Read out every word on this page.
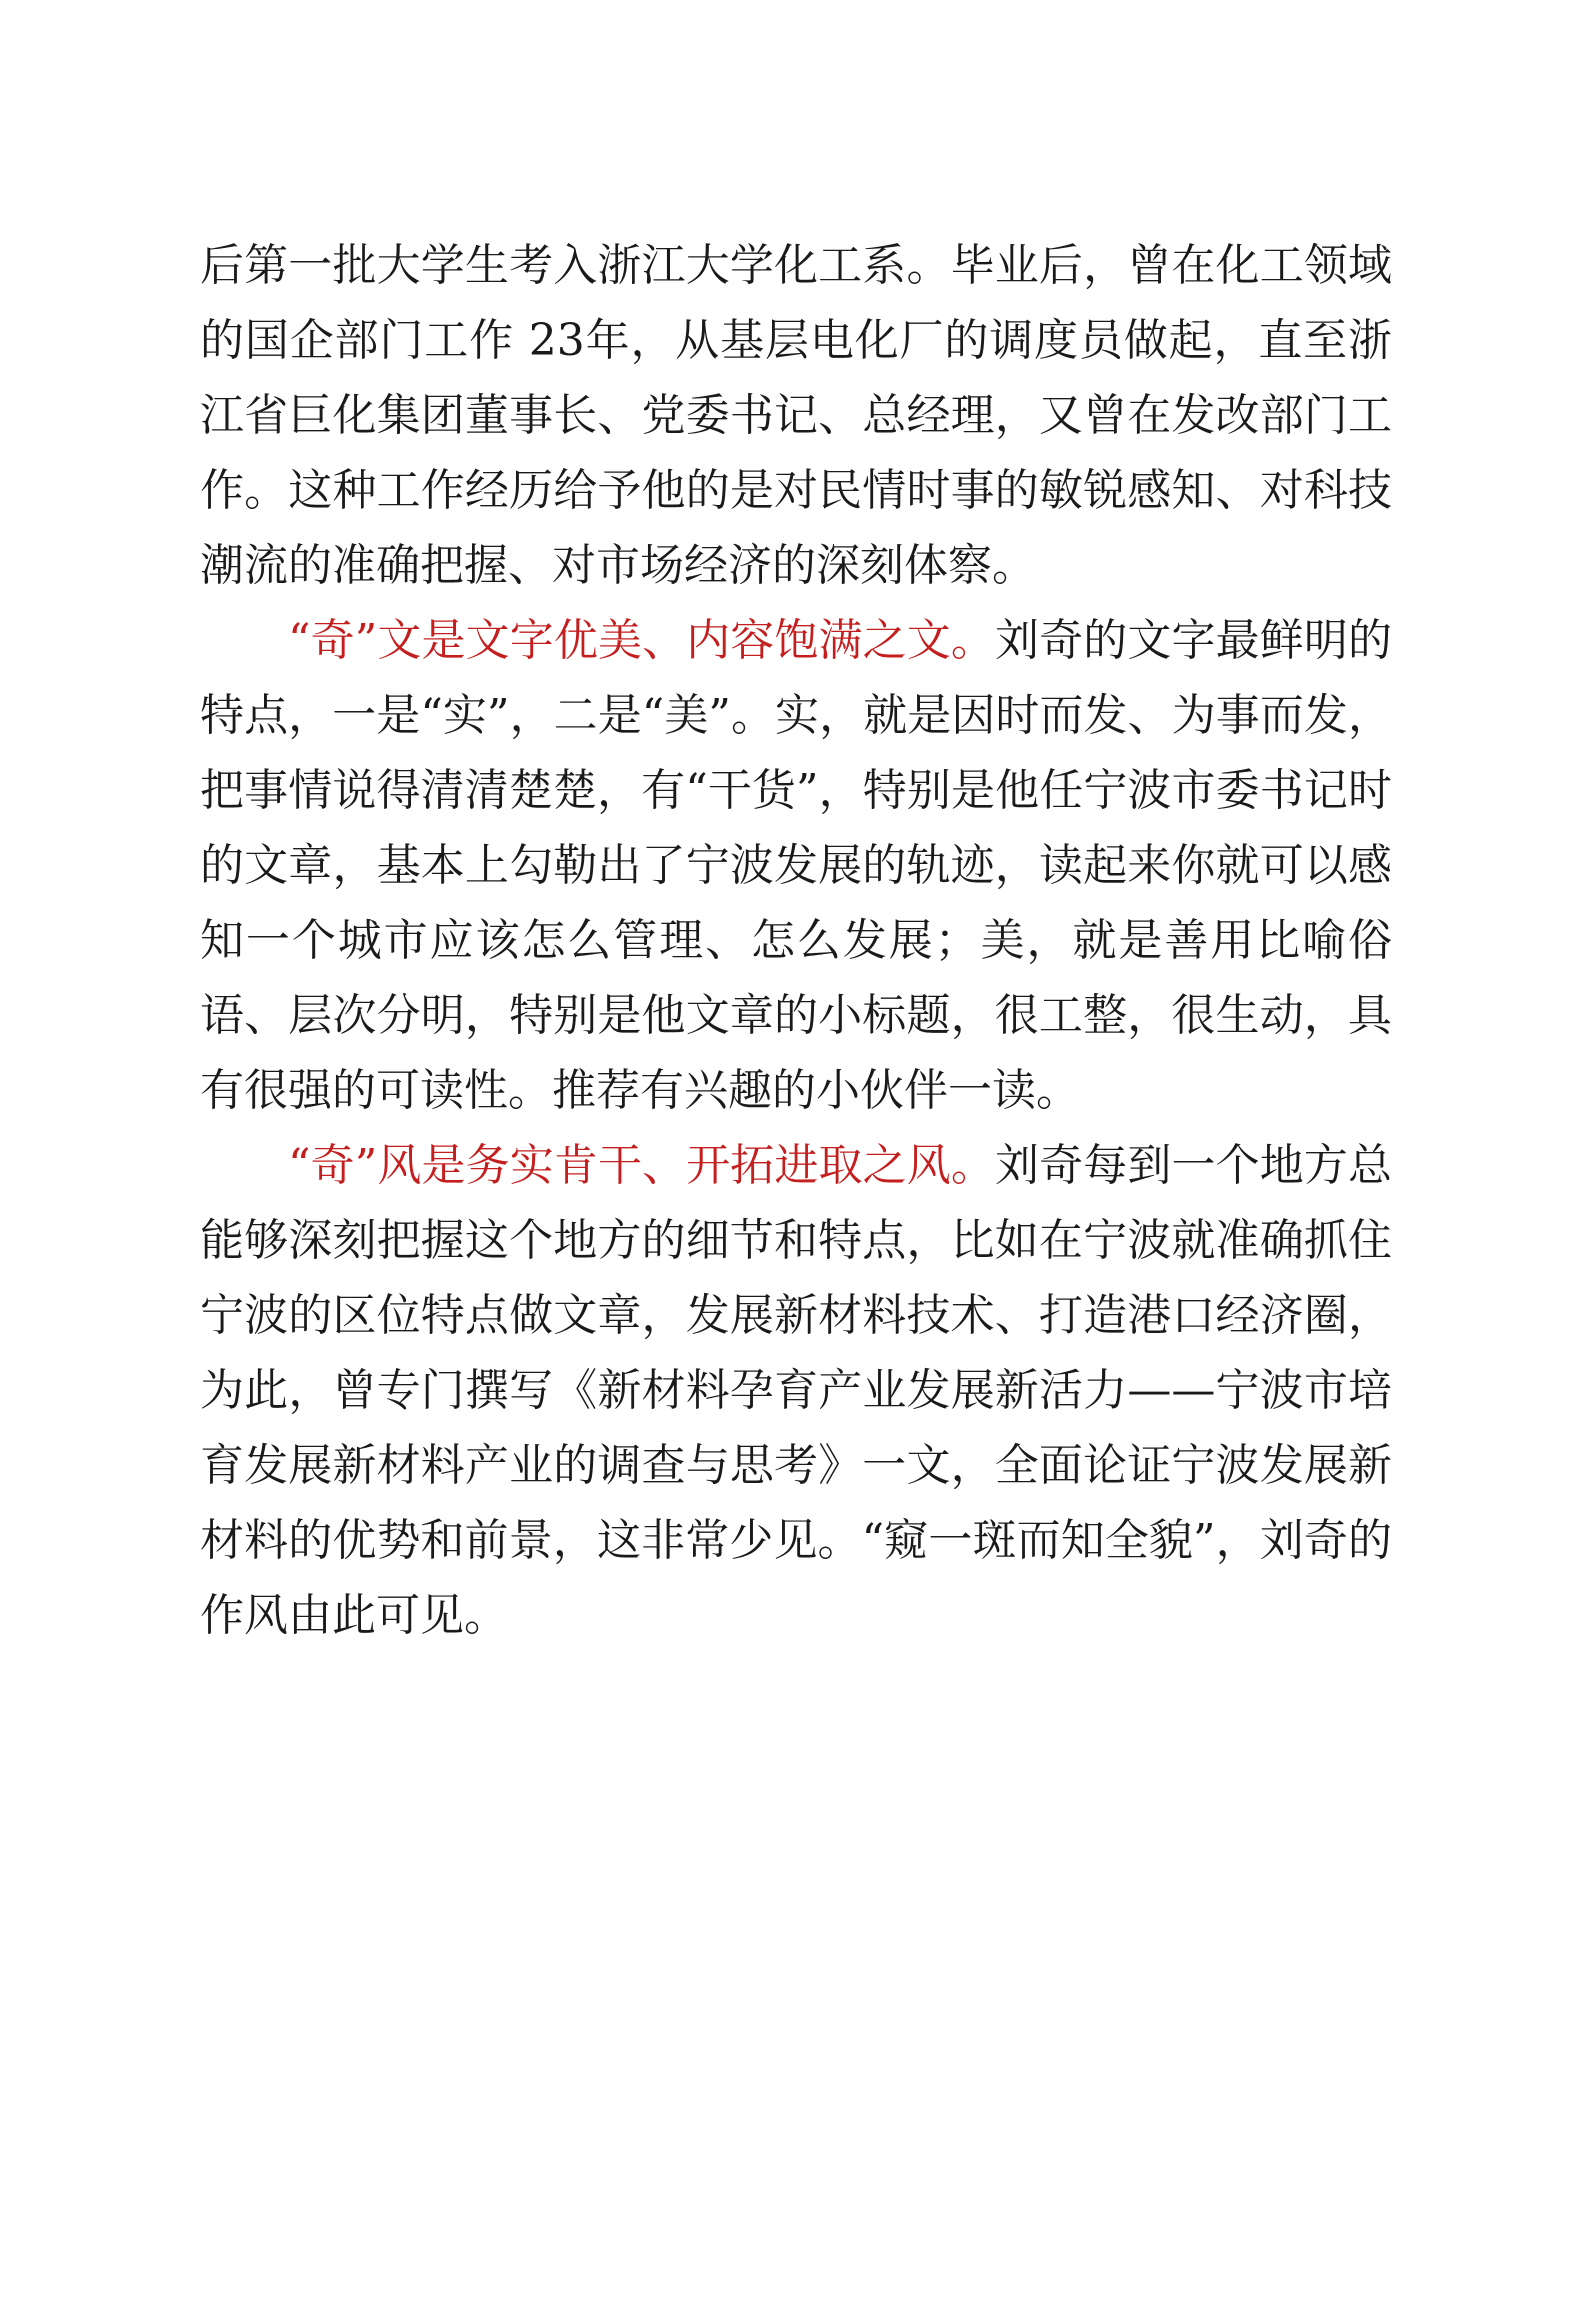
后第一批大学生考入浙江大学化工系。毕业后，曾在化工领域的国企部门工作 23年，从基层电化厂的调度员做起，直至浙江省巨化集团董事长、党委书记、总经理，又曾在发改部门工作。这种工作经历给予他的是对民情时事的敏锐感知、对科技潮流的准确把握、对市场经济的深刻体察。

“奇”文是文字优美、内容饱满之文。刘奇的文字最鲜明的特点，一是“实”，二是“美”。实，就是因时而发、为事而发，把事情说得清清楚楚，有“干货”，特别是他任宁波市委书记时的文章，基本上勾勒出了宁波发展的轨迹，读起来你就可以感知一个城市应该怎么管理、怎么发展；美，就是善用比喻俗语、层次分明，特别是他文章的小标题，很工整，很生动，具有很强的可读性。推荐有兴趣的小伙伴一读。

“奇”风是务实肯干、开拓进取之风。刘奇每到一个地方总能够深刻把握这个地方的细节和特点，比如在宁波就准确抓住宁波的区位特点做文章，发展新材料技术、打造港口经济圈，为此，曾专门撰写《新材料孕育产业发展新活力——宁波市培育发展新材料产业的调查与思考》一文，全面论证宁波发展新材料的优势和前景，这非常少见。“窥一斑而知全貌”，刘奇的作风由此可见。
